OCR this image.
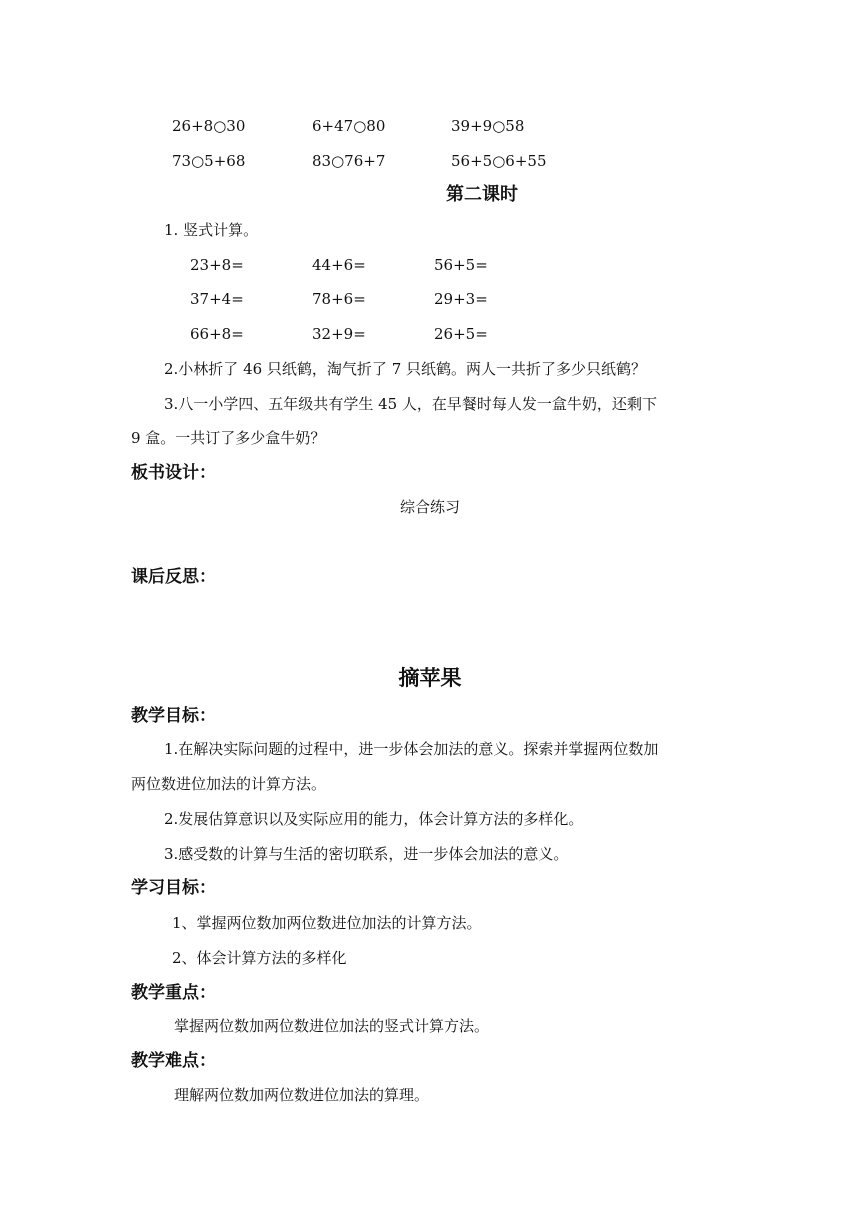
26+8○30	6+47○80	39+9○58
73○5+68	83○76+7	56+5○6+55
第二课时
1. 竖式计算。
23+8=	44+6=	56+5=
37+4=	78+6=	29+3=
66+8=	32+9=	26+5=
2.小林折了 46 只纸鹤，淘气折了 7 只纸鹤。两人一共折了多少只纸鹤？
3.八一小学四、五年级共有学生 45 人，在早餐时每人发一盒牛奶，还剩下
9 盒。一共订了多少盒牛奶？
板书设计：
综合练习
课后反思：
摘苹果
教学目标：
1.在解决实际问题的过程中，进一步体会加法的意义。探索并掌握两位数加
两位数进位加法的计算方法。
2.发展估算意识以及实际应用的能力，体会计算方法的多样化。
3.感受数的计算与生活的密切联系，进一步体会加法的意义。
学习目标：
1、掌握两位数加两位数进位加法的计算方法。
2、体会计算方法的多样化
教学重点：
掌握两位数加两位数进位加法的竖式计算方法。
教学难点：
理解两位数加两位数进位加法的算理。
